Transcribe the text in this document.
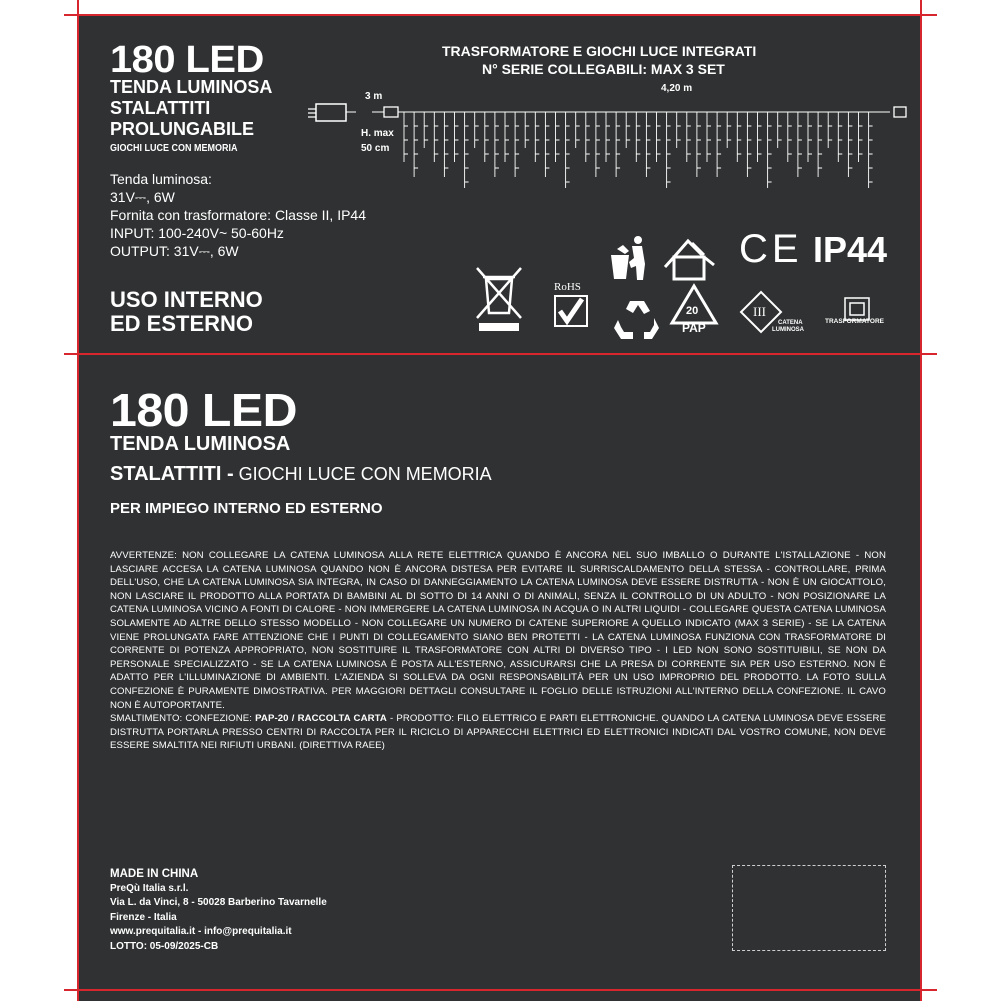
180 LED
TENDA LUMINOSA
STALATTITI
PROLUNGABILE
GIOCHI LUCE CON MEMORIA
TRASFORMATORE E GIOCHI LUCE INTEGRATI
N° SERIE COLLEGABILI: MAX 3 SET
3 m
4,20 m
H. max
50 cm
Tenda luminosa:
31V⎓, 6W
Fornita con trasformatore: Classe II, IP44
INPUT: 100-240V~ 50-60Hz
OUTPUT: 31V⎓, 6W
USO INTERNO
ED ESTERNO
RoHS
20
PAP
III
CATENA
LUMINOSA
TRASFORMATORE
CE IP44
180 LED
TENDA LUMINOSA
STALATTITI - GIOCHI LUCE CON MEMORIA
PER IMPIEGO INTERNO ED ESTERNO

AVVERTENZE: NON COLLEGARE LA CATENA LUMINOSA ALLA RETE ELETTRICA QUANDO È ANCORA NEL SUO IMBALLO O DURANTE L'ISTALLAZIONE - NON LASCIARE ACCESA LA CATENA LUMINOSA QUANDO NON È ANCORA DISTESA PER EVITARE IL SURRISCALDAMENTO DELLA STESSA - CONTROLLARE, PRIMA DELL'USO, CHE LA CATENA LUMINOSA SIA INTEGRA, IN CASO DI DANNEGGIAMENTO LA CATENA LUMINOSA DEVE ESSERE DISTRUTTA - NON È UN GIOCATTOLO, NON LASCIARE IL PRODOTTO ALLA PORTATA DI BAMBINI AL DI SOTTO DI 14 ANNI O DI ANIMALI, SENZA IL CONTROLLO DI UN ADULTO - NON POSIZIONARE LA CATENA LUMINOSA VICINO A FONTI DI CALORE - NON IMMERGERE LA CATENA LUMINOSA IN ACQUA O IN ALTRI LIQUIDI - COLLEGARE QUESTA CATENA LUMINOSA SOLAMENTE AD ALTRE DELLO STESSO MODELLO - NON COLLEGARE UN NUMERO DI CATENE SUPERIORE A QUELLO INDICATO (MAX 3 SERIE) - SE LA CATENA VIENE PROLUNGATA FARE ATTENZIONE CHE I PUNTI DI COLLEGAMENTO SIANO BEN PROTETTI - LA CATENA LUMINOSA FUNZIONA CON TRASFORMATORE DI CORRENTE DI POTENZA APPROPRIATO, NON SOSTITUIRE IL TRASFORMATORE CON ALTRI DI DIVERSO TIPO - I LED NON SONO SOSTITUIBILI, SE NON DA PERSONALE SPECIALIZZATO - SE LA CATENA LUMINOSA È POSTA ALL'ESTERNO, ASSICURARSI CHE LA PRESA DI CORRENTE SIA PER USO ESTERNO. NON È ADATTO PER L'ILLUMINAZIONE DI AMBIENTI. L'AZIENDA SI SOLLEVA DA OGNI RESPONSABILITÀ PER UN USO IMPROPRIO DEL PRODOTTO. LA FOTO SULLA CONFEZIONE È PURAMENTE DIMOSTRATIVA. PER MAGGIORI DETTAGLI CONSULTARE IL FOGLIO DELLE ISTRUZIONI ALL'INTERNO DELLA CONFEZIONE. IL CAVO NON È AUTOPORTANTE.

SMALTIMENTO: CONFEZIONE: PAP-20 / RACCOLTA CARTA - PRODOTTO: FILO ELETTRICO E PARTI ELETTRONICHE. QUANDO LA CATENA LUMINOSA DEVE ESSERE DISTRUTTA PORTARLA PRESSO CENTRI DI RACCOLTA PER IL RICICLO DI APPARECCHI ELETTRICI ED ELETTRONICI INDICATI DAL VOSTRO COMUNE, NON DEVE ESSERE SMALTITA NEI RIFIUTI URBANI. (DIRETTIVA RAEE)

MADE IN CHINA
PreQù Italia s.r.l.
Via L. da Vinci, 8 - 50028 Barberino Tavarnelle
Firenze - Italia
www.prequitalia.it - info@prequitalia.it
LOTTO: 05-09/2025-CB
